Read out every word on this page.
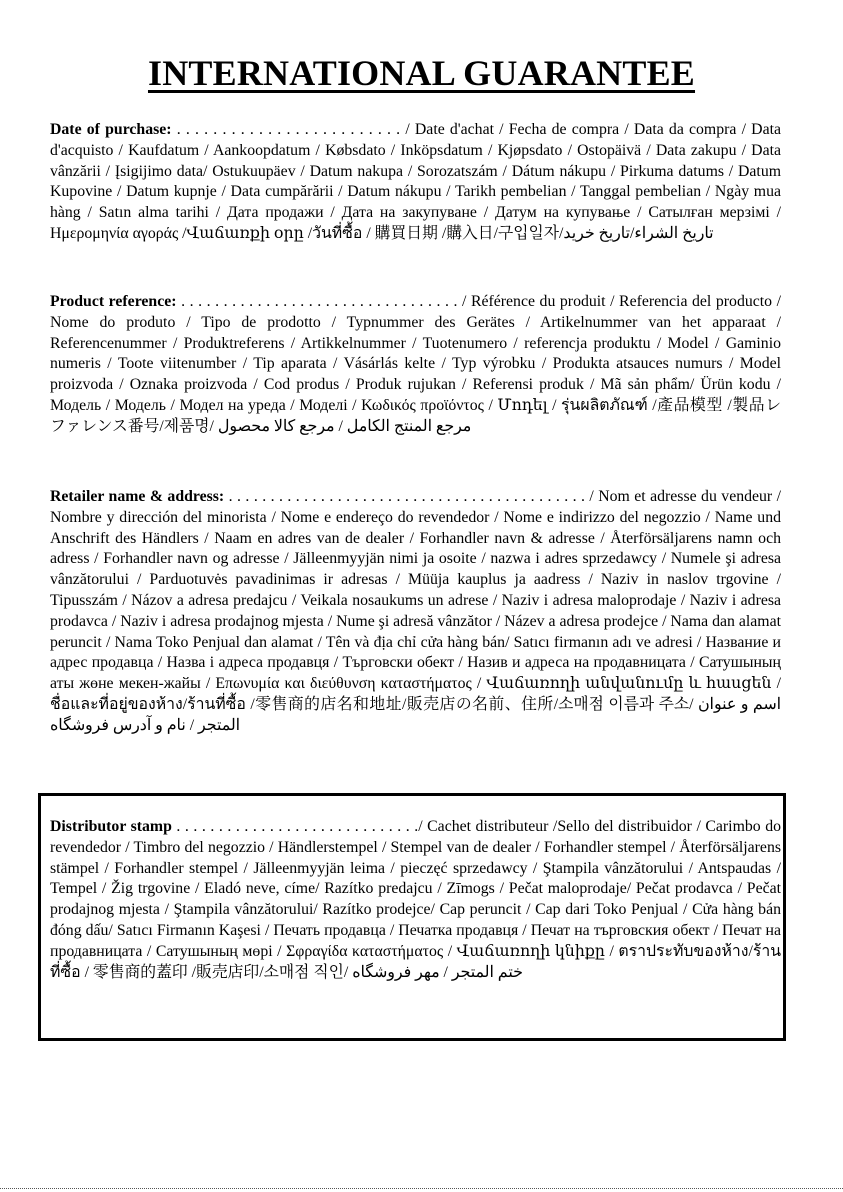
INTERNATIONAL GUARANTEE
Date of purchase: . . . . . . . . . . . . . . . . . . . . . . . . . / Date d'achat / Fecha de compra / Data da compra / Data d'acquisto / Kaufdatum / Aankoopdatum / Købsdato / Inköpsdatum / Kjøpsdato / Ostopäivä / Data zakupu / Data vânzării / Įsigijimo data/ Ostukuupäev / Datum nakupa / Sorozatszám / Dátum nákupu / Pirkuma datums / Datum Kupovine / Datum kupnje / Data cumpărării / Datum nákupu / Tarikh pembelian / Tanggal pembelian / Ngày mua hàng / Satın alma tarihi / Дата продажи / Дата на закупуване / Датум на купување / Сатылған мерзімі / Ημερομηνία αγοράς /Վաճառքի օրը /วันที่ซื้อ / 購買日期 /購入日/구입일자/تاريخ الشراء/تاریخ خرید
Product reference: . . . . . . . . . . . . . . . . . . . . . . . . . . . . . . . . . / Référence du produit / Referencia del producto / Nome do produto / Tipo de prodotto / Typnummer des Gerätes / Artikelnummer van het apparaat / Referencenummer / Produktreferens / Artikkelnummer / Tuotenumero / referencja produktu / Model / Gaminio numeris / Toote viitenumber / Tip aparata / Vásárlás kelte / Typ výrobku / Produkta atsauces numurs / Model proizvoda / Oznaka proizvoda / Cod produs / Produk rujukan / Referensi produk / Mã sản phẩm/ Ürün kodu / Модель / Модель / Модел на уреда / Моделі / Κωδικός προϊόντος / Մոդել / รุ่นผลิตภัณฑ์ /產品模型 /製品レファレンス番号/제품명/ مرجع المنتج الكامل / مرجع کالا محصول
Retailer name & address: . . . . . . . . . . . . . . . . . . . . . . . . . . . . . . . . . . . . . . . . . . . / Nom et adresse du vendeur / Nombre y dirección del minorista / Nome e endereço do revendedor / Nome e indirizzo del negozzio / Name und Anschrift des Händlers / Naam en adres van de dealer / Forhandler navn & adresse / Återförsäljarens namn och adress / Forhandler navn og adresse / Jälleenmyyjän nimi ja osoite / nazwa i adres sprzedawcy / Numele şi adresa vânzătorului / Parduotuvės pavadinimas ir adresas / Müüja kauplus ja aadress / Naziv in naslov trgovine / Tipusszám / Názov a adresa predajcu / Veikala nosaukums un adrese / Naziv i adresa maloprodaje / Naziv i adresa prodavca / Naziv i adresa prodajnog mjesta / Nume şi adresă vânzător / Název a adresa prodejce / Nama dan alamat peruncit / Nama Toko Penjual dan alamat / Tên và địa chỉ cửa hàng bán/ Satıcı firmanın adı ve adresi / Название и адрес продавца / Назва і адреса продавця / Търговски обект / Назив и адреса на продавницата / Сатушының аты жөне мекен-жайы / Επωνυμία και διεύθυνση καταστήματος / Վաճառողի անվանումը և հասցեն / ชื่อและที่อยู่ของห้าง/ร้านที่ซื้อ /零售商的店名和地址/販売店の名前、住所/소매점 이름과 주소/ اسم و عنوان المتجر / نام و آدرس فروشگاه
Distributor stamp . . . . . . . . . . . . . . . . . . . . . . . . . . . . ./ Cachet distributeur /Sello del distribuidor / Carimbo do revendedor / Timbro del negozzio / Händlerstempel / Stempel van de dealer / Forhandler stempel / Återförsäljarens stämpel / Forhandler stempel / Jälleenmyyjän leima / pieczęć sprzedawcy / Ştampila vânzătorului / Antspaudas / Tempel / Žig trgovine / Eladó neve, címe/ Razítko predajcu / Zīmogs / Pečat maloprodaje/ Pečat prodavca / Pečat prodajnog mjesta / Ştampila vânzătorului/ Razítko prodejce/ Cap peruncit / Cap dari Toko Penjual / Cửa hàng bán đóng dấu/ Satıcı Firmanın Kaşesi / Печать продавца / Печатка продавця / Печат на търговския обект / Печат на продавницата / Сатушының мөрі / Σφραγίδα καταστήματος / Վաճառողի կնիքը / ตราประทับของห้าง/ร้านที่ซื้อ / 零售商的蓋印 /販売店印/소매점 직인/ ختم المتجر / مهر فروشگاه
